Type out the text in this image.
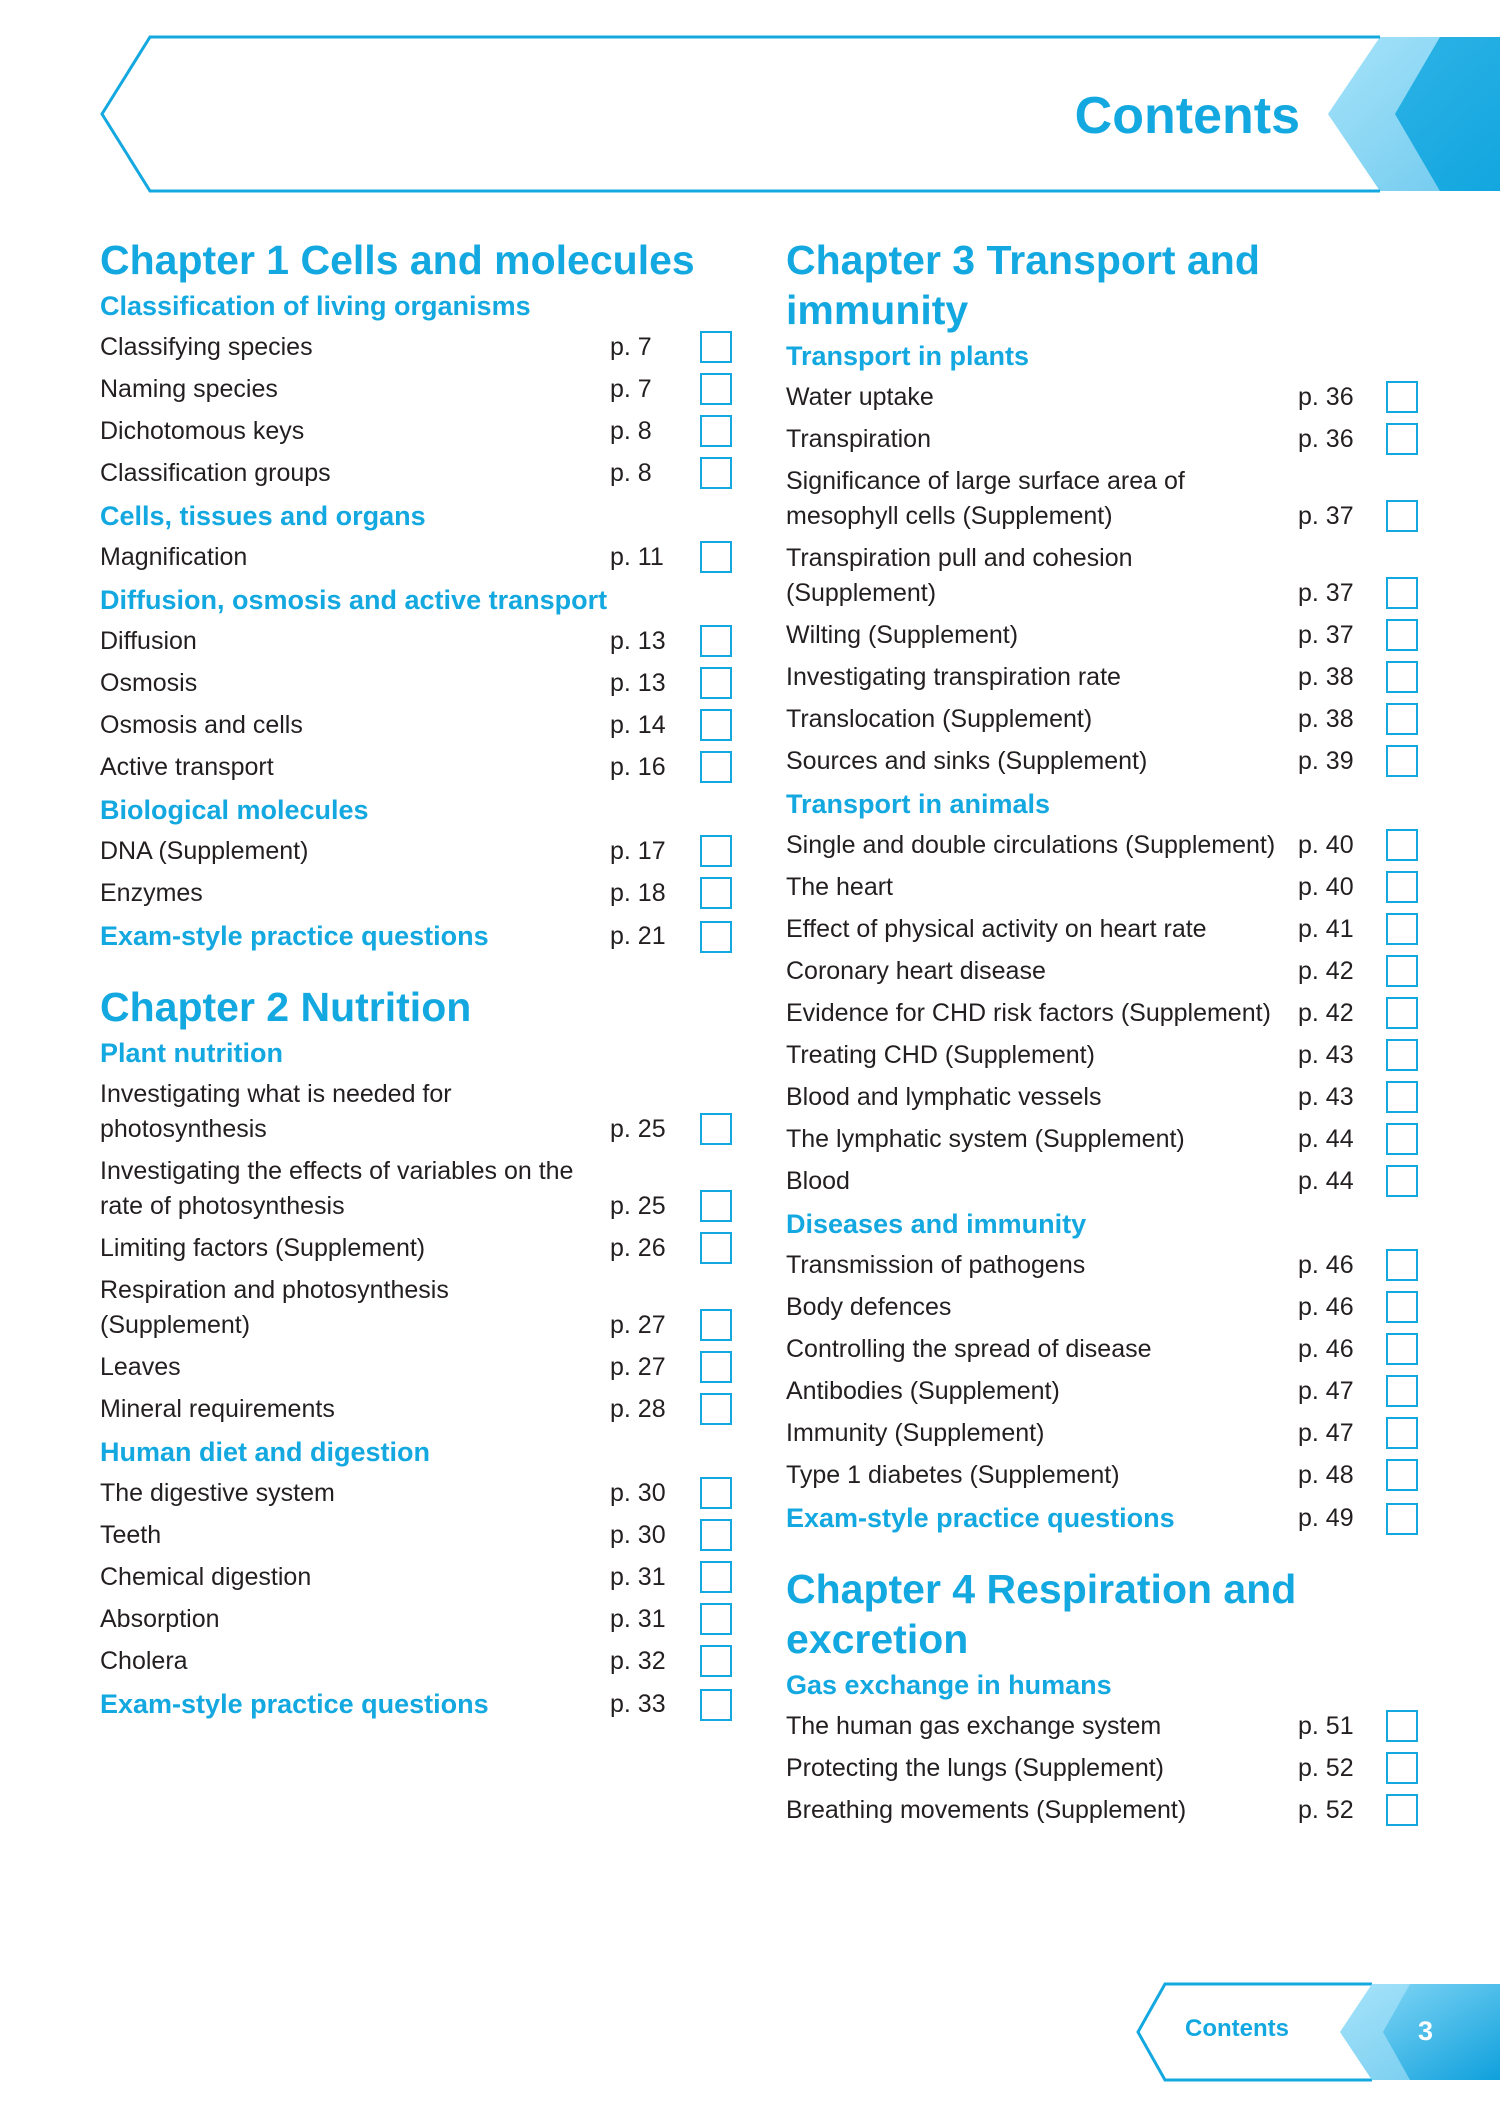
Contents
Chapter 1 Cells and molecules
Classification of living organisms
Classifying species	p. 7
Naming species	p. 7
Dichotomous keys	p. 8
Classification groups	p. 8
Cells, tissues and organs
Magnification	p. 11
Diffusion, osmosis and active transport
Diffusion	p. 13
Osmosis	p. 13
Osmosis and cells	p. 14
Active transport	p. 16
Biological molecules
DNA (Supplement)	p. 17
Enzymes	p. 18
Exam-style practice questions	p. 21
Chapter 2 Nutrition
Plant nutrition
Investigating what is needed for photosynthesis	p. 25
Investigating the effects of variables on the rate of photosynthesis	p. 25
Limiting factors (Supplement)	p. 26
Respiration and photosynthesis (Supplement)	p. 27
Leaves	p. 27
Mineral requirements	p. 28
Human diet and digestion
The digestive system	p. 30
Teeth	p. 30
Chemical digestion	p. 31
Absorption	p. 31
Cholera	p. 32
Exam-style practice questions	p. 33
Chapter 3 Transport and immunity
Transport in plants
Water uptake	p. 36
Transpiration	p. 36
Significance of large surface area of mesophyll cells (Supplement)	p. 37
Transpiration pull and cohesion (Supplement)	p. 37
Wilting (Supplement)	p. 37
Investigating transpiration rate	p. 38
Translocation (Supplement)	p. 38
Sources and sinks (Supplement)	p. 39
Transport in animals
Single and double circulations (Supplement) p. 40
The heart	p. 40
Effect of physical activity on heart rate	p. 41
Coronary heart disease	p. 42
Evidence for CHD risk factors (Supplement)	p. 42
Treating CHD (Supplement)	p. 43
Blood and lymphatic vessels	p. 43
The lymphatic system (Supplement)	p. 44
Blood	p. 44
Diseases and immunity
Transmission of pathogens	p. 46
Body defences	p. 46
Controlling the spread of disease	p. 46
Antibodies (Supplement)	p. 47
Immunity (Supplement)	p. 47
Type 1 diabetes (Supplement)	p. 48
Exam-style practice questions	p. 49
Chapter 4 Respiration and excretion
Gas exchange in humans
The human gas exchange system	p. 51
Protecting the lungs (Supplement)	p. 52
Breathing movements (Supplement)	p. 52
Contents	3
